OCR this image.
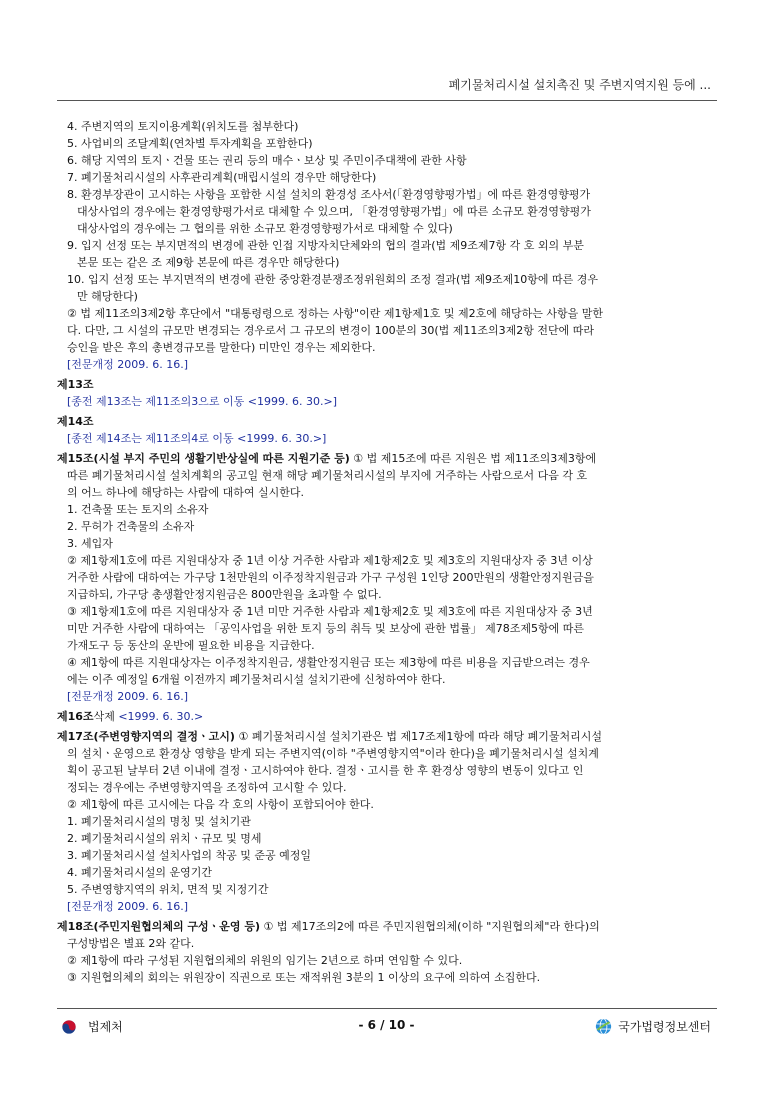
폐기물처리시설 설치촉진 및 주변지역지원 등에 ...
4. 주변지역의 토지이용계획(위치도를 첨부한다)
5. 사업비의 조달계획(연차별 투자계획을 포함한다)
6. 해당 지역의 토지ㆍ건물 또는 권리 등의 매수ㆍ보상 및 주민이주대책에 관한 사항
7. 폐기물처리시설의 사후관리계획(매립시설의 경우만 해당한다)
8. 환경부장관이 고시하는 사항을 포함한 시설 설치의 환경성 조사서(「환경영향평가법」에 따른 환경영향평가
대상사업의 경우에는 환경영향평가서로 대체할 수 있으며, 「환경영향평가법」에 따른 소규모 환경영향평가
대상사업의 경우에는 그 협의를 위한 소규모 환경영향평가서로 대체할 수 있다)
9. 입지 선정 또는 부지면적의 변경에 관한 인접 지방자치단체와의 협의 결과(법 제9조제7항 각 호 외의 부분
본문 또는 같은 조 제9항 본문에 따른 경우만 해당한다)
10. 입지 선정 또는 부지면적의 변경에 관한 중앙환경분쟁조정위원회의 조정 결과(법 제9조제10항에 따른 경우
만 해당한다)
② 법 제11조의3제2항 후단에서 "대통령령으로 정하는 사항"이란 제1항제1호 및 제2호에 해당하는 사항을 말한
다. 다만, 그 시설의 규모만 변경되는 경우로서 그 규모의 변경이 100분의 30(법 제11조의3제2항 전단에 따라
승인을 받은 후의 총변경규모를 말한다) 미만인 경우는 제외한다.
[전문개정 2009. 6. 16.]
제13조
[종전 제13조는 제11조의3으로 이동 <1999. 6. 30.>]
제14조
[종전 제14조는 제11조의4로 이동 <1999. 6. 30.>]
제15조(시설 부지 주민의 생활기반상실에 따른 지원기준 등) ① 법 제15조에 따른 지원은 법 제11조의3제3항에
따른 폐기물처리시설 설치계획의 공고일 현재 해당 폐기물처리시설의 부지에 거주하는 사람으로서 다음 각 호
의 어느 하나에 해당하는 사람에 대하여 실시한다.
1. 건축물 또는 토지의 소유자
2. 무허가 건축물의 소유자
3. 세입자
② 제1항제1호에 따른 지원대상자 중 1년 이상 거주한 사람과 제1항제2호 및 제3호의 지원대상자 중 3년 이상
거주한 사람에 대하여는 가구당 1천만원의 이주정착지원금과 가구 구성원 1인당 200만원의 생활안정지원금을
지급하되, 가구당 총생활안정지원금은 800만원을 초과할 수 없다.
③ 제1항제1호에 따른 지원대상자 중 1년 미만 거주한 사람과 제1항제2호 및 제3호에 따른 지원대상자 중 3년
미만 거주한 사람에 대하여는 「공익사업을 위한 토지 등의 취득 및 보상에 관한 법률」 제78조제5항에 따른
가재도구 등 동산의 운반에 필요한 비용을 지급한다.
④ 제1항에 따른 지원대상자는 이주정착지원금, 생활안정지원금 또는 제3항에 따른 비용을 지급받으려는 경우
에는 이주 예정일 6개월 이전까지 폐기물처리시설 설치기관에 신청하여야 한다.
[전문개정 2009. 6. 16.]
제16조삭제 <1999. 6. 30.>
제17조(주변영향지역의 결정ㆍ고시) ① 폐기물처리시설 설치기관은 법 제17조제1항에 따라 해당 폐기물처리시설
의 설치ㆍ운영으로 환경상 영향을 받게 되는 주변지역(이하 "주변영향지역"이라 한다)을 폐기물처리시설 설치계
획이 공고된 날부터 2년 이내에 결정ㆍ고시하여야 한다. 결정ㆍ고시를 한 후 환경상 영향의 변동이 있다고 인
정되는 경우에는 주변영향지역을 조정하여 고시할 수 있다.
② 제1항에 따른 고시에는 다음 각 호의 사항이 포함되어야 한다.
1. 폐기물처리시설의 명칭 및 설치기관
2. 폐기물처리시설의 위치ㆍ규모 및 명세
3. 폐기물처리시설 설치사업의 착공 및 준공 예정일
4. 폐기물처리시설의 운영기간
5. 주변영향지역의 위치, 면적 및 지정기간
[전문개정 2009. 6. 16.]
제18조(주민지원협의체의 구성ㆍ운영 등) ① 법 제17조의2에 따른 주민지원협의체(이하 "지원협의체"라 한다)의
구성방법은 별표 2와 같다.
② 제1항에 따라 구성된 지원협의체의 위원의 임기는 2년으로 하며 연임할 수 있다.
③ 지원협의체의 회의는 위원장이 직권으로 또는 재적위원 3분의 1 이상의 요구에 의하여 소집한다.
법제처	- 6 / 10 -	국가법령정보센터
